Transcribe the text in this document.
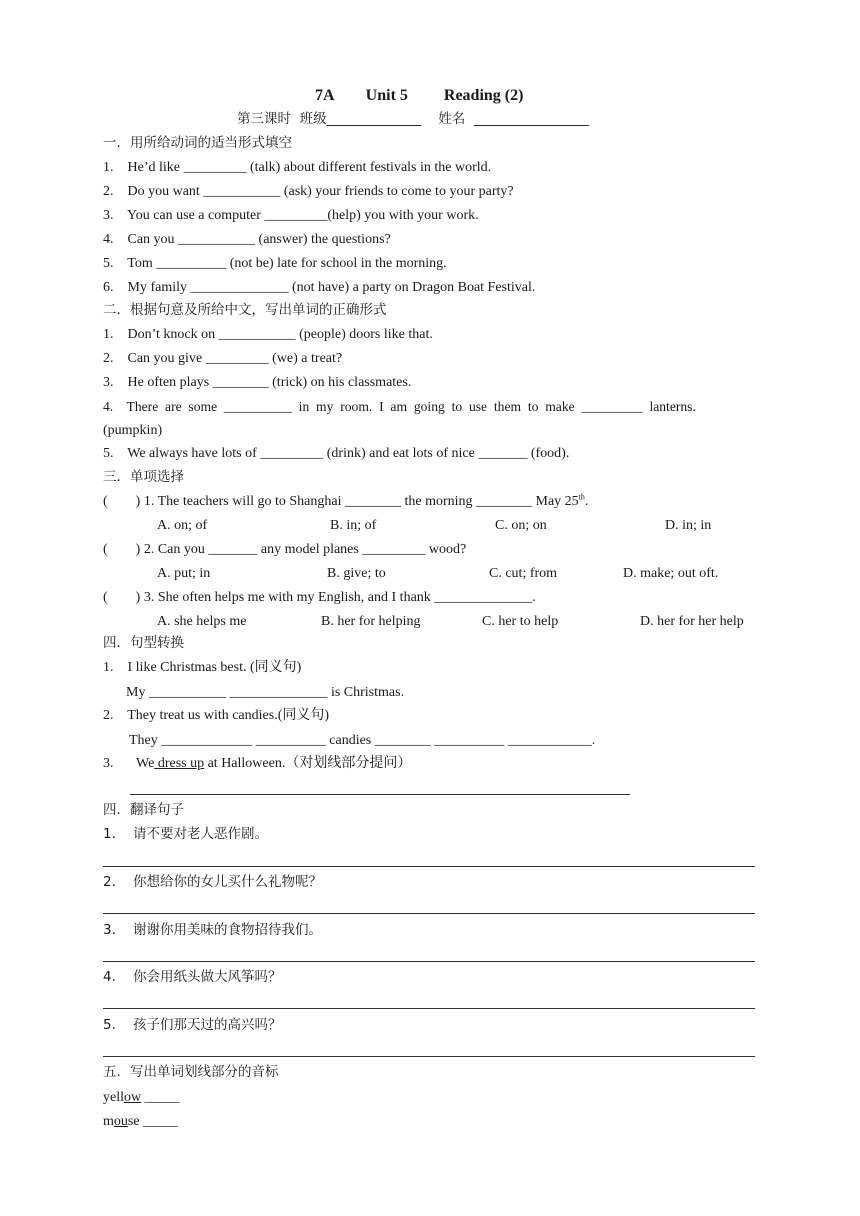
7A        Unit 5         Reading (2)
第三课时  班级______________    姓名  _________________
一．用所给动词的适当形式填空
1.    He’d like _________ (talk) about different festivals in the world.
2.    Do you want ___________ (ask) your friends to come to your party?
3.    You can use a computer _________(help) you with your work.
4.    Can you ___________ (answer) the questions?
5.    Tom __________ (not be) late for school in the morning.
6.    My family ______________ (not have) a party on Dragon Boat Festival.
二．根据句意及所给中文，写出单词的正确形式
1.    Don’t knock on ___________ (people) doors like that.
2.    Can you give _________ (we) a treat?
3.    He often plays ________ (trick) on his classmates.
4.    There  are  some  __________  in  my  room.  I  am  going  to  use  them  to  make  _________  lanterns.
(pumpkin)
5.    We always have lots of _________ (drink) and eat lots of nice _______ (food).
三．单项选择
(        ) 1. The teachers will go to Shanghai ________ the morning ________ May 25th.
A. on; of	B. in; of	C. on; on	D. in; in
(        ) 2. Can you _______ any model planes _________ wood?
A. put; in	B. give; to	C. cut; from	D. make; out oft.
(        ) 3. She often helps me with my English, and I thank ______________.
A. she helps me	B. her for helping	C. her to help	D. her for her help
四．句型转换
1.    I like Christmas best. (同义句)
My ___________ ______________ is Christmas.
2.    They treat us with candies.(同义句)
They _____________ __________ candies ________ __________ ____________.
3. We dress up at Halloween.（对划线部分提问）
四．翻译句子
1.    请不要对老人恶作剧。
2.    你想给你的女儿买什么礼物呢？
3.    谢谢你用美味的食物招待我们。
4.    你会用纸头做大风筝吗？
5.    孩子们那天过的高兴吗？
五．写出单词划线部分的音标
yellow _____
mouse _____
